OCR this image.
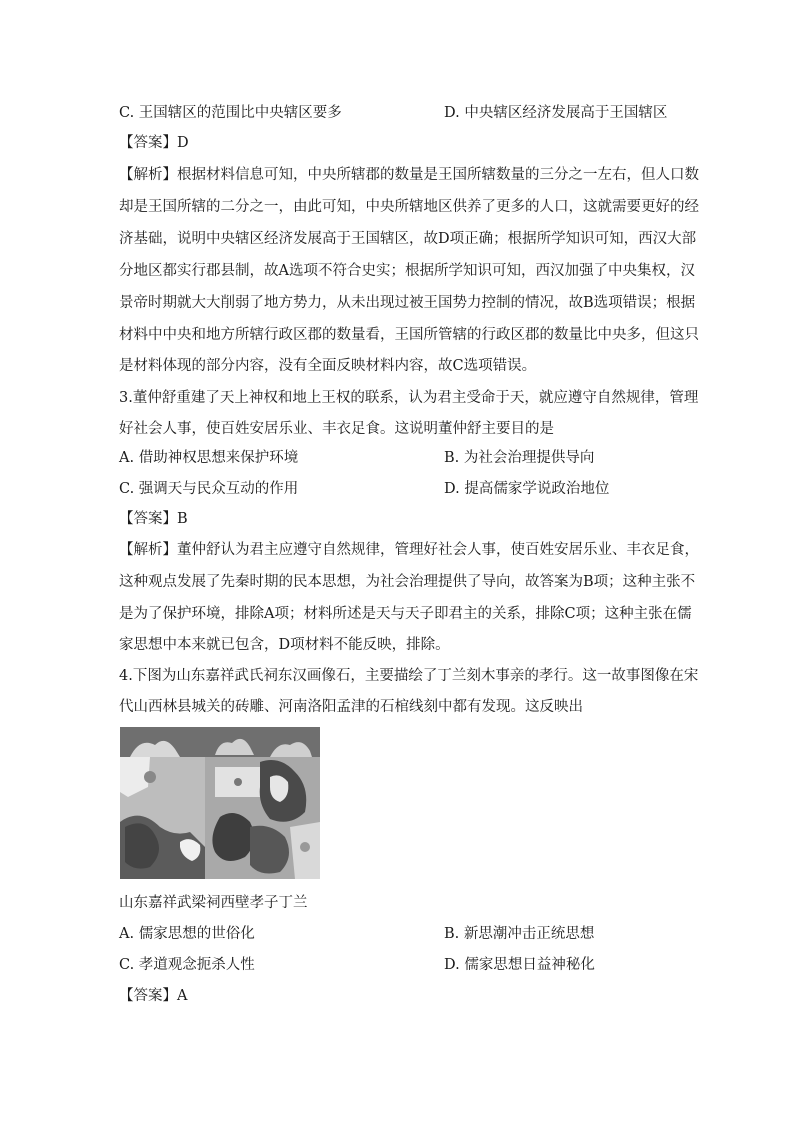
C. 王国辖区的范围比中央辖区要多	D. 中央辖区经济发展高于王国辖区
【答案】D
【解析】根据材料信息可知，中央所辖郡的数量是王国所辖数量的三分之一左右，但人口数
却是王国所辖的二分之一，由此可知，中央所辖地区供养了更多的人口，这就需要更好的经
济基础，说明中央辖区经济发展高于王国辖区，故D项正确；根据所学知识可知，西汉大部
分地区都实行郡县制，故A选项不符合史实；根据所学知识可知，西汉加强了中央集权，汉
景帝时期就大大削弱了地方势力，从未出现过被王国势力控制的情况，故B选项错误；根据
材料中中央和地方所辖行政区郡的数量看，王国所管辖的行政区郡的数量比中央多，但这只
是材料体现的部分内容，没有全面反映材料内容，故C选项错误。
3.董仲舒重建了天上神权和地上王权的联系，认为君主受命于天，就应遵守自然规律，管理
好社会人事，使百姓安居乐业、丰衣足食。这说明董仲舒主要目的是
A. 借助神权思想来保护环境	B. 为社会治理提供导向
C. 强调天与民众互动的作用	D. 提高儒家学说政治地位
【答案】B
【解析】董仲舒认为君主应遵守自然规律，管理好社会人事，使百姓安居乐业、丰衣足食，
这种观点发展了先秦时期的民本思想，为社会治理提供了导向，故答案为B项；这种主张不
是为了保护环境，排除A项；材料所述是天与天子即君主的关系，排除C项；这种主张在儒
家思想中本来就已包含，D项材料不能反映，排除。
4.下图为山东嘉祥武氏祠东汉画像石，主要描绘了丁兰刻木事亲的孝行。这一故事图像在宋
代山西林县城关的砖雕、河南洛阳孟津的石棺线刻中都有发现。这反映出
山东嘉祥武梁祠西壁孝子丁兰
A. 儒家思想的世俗化	B. 新思潮冲击正统思想
C. 孝道观念扼杀人性	D. 儒家思想日益神秘化
【答案】A
